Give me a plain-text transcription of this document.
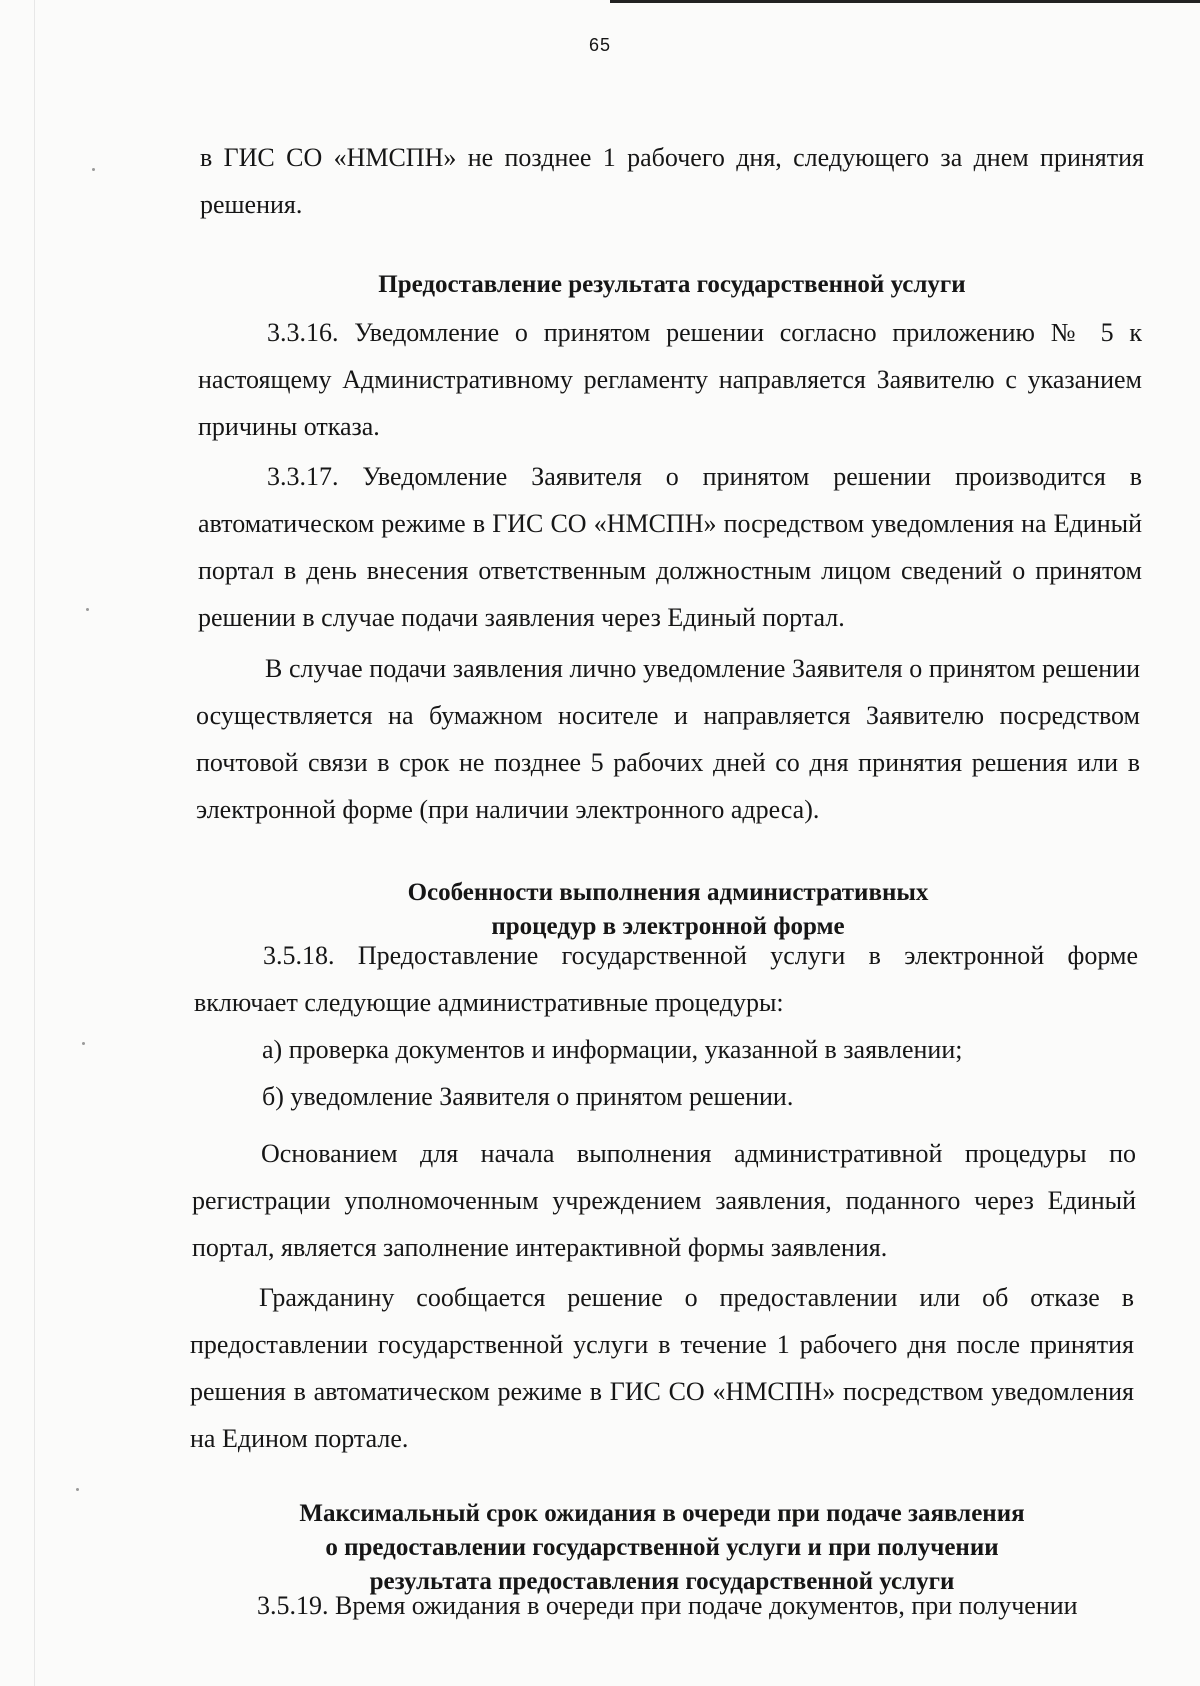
65

в ГИС СО «НМСПН» не позднее 1 рабочего дня, следующего за днем принятия решения.

Предоставление результата государственной услуги

3.3.16. Уведомление о принятом решении согласно приложению № 5 к настоящему Административному регламенту направляется Заявителю с указанием причины отказа.

3.3.17. Уведомление Заявителя о принятом решении производится в автоматическом режиме в ГИС СО «НМСПН» посредством уведомления на Единый портал в день внесения ответственным должностным лицом сведений о принятом решении в случае подачи заявления через Единый портал.

В случае подачи заявления лично уведомление Заявителя о принятом решении осуществляется на бумажном носителе и направляется Заявителю посредством почтовой связи в срок не позднее 5 рабочих дней со дня принятия решения или в электронной форме (при наличии электронного адреса).

Особенности выполнения административных
процедур в электронной форме

3.5.18. Предоставление государственной услуги в электронной форме включает следующие административные процедуры:

а) проверка документов и информации, указанной в заявлении;

б) уведомление Заявителя о принятом решении.

Основанием для начала выполнения административной процедуры по регистрации уполномоченным учреждением заявления, поданного через Единый портал, является заполнение интерактивной формы заявления.

Гражданину сообщается решение о предоставлении или об отказе в предоставлении государственной услуги в течение 1 рабочего дня после принятия решения в автоматическом режиме в ГИС СО «НМСПН» посредством уведомления на Едином портале.

Максимальный срок ожидания в очереди при подаче заявления
о предоставлении государственной услуги и при получении
результата предоставления государственной услуги

3.5.19. Время ожидания в очереди при подаче документов, при получении
